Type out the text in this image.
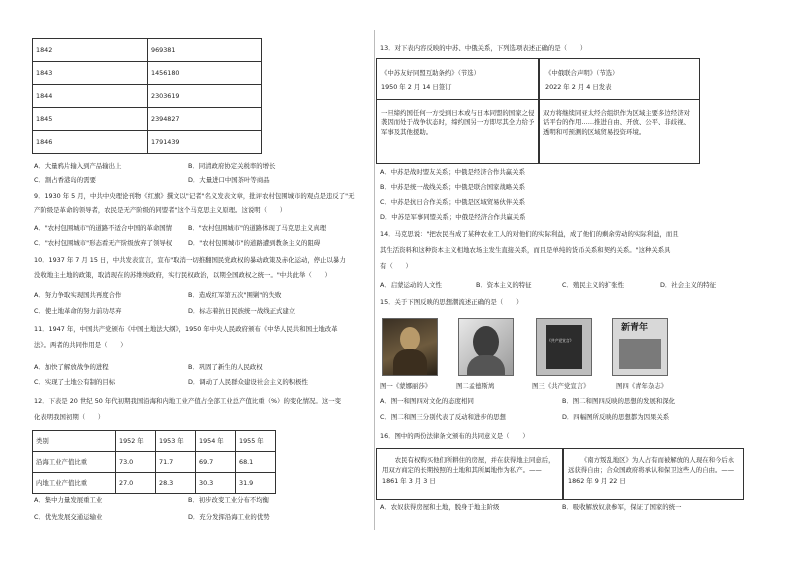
1842	969381
1843	1456180
1844	2303619
1845	2394827
1846	1791439
A．大量鸦片输入到产品输出上	B．同清政府协定关税率的增长
C．割占香港岛的需要	D．大量进口中国茶叶等商品
9．1930 年 5 月，中共中央理论刊物《红旗》撰文以"记者"名义发表文章，批评农村包围城市的观点是违反了"无
产阶级是革命的领导者，农民是无产阶级的同盟者"这个马克思主义原理。这说明（　　）
A．"农村包围城市"的道路不适合中国的革命国情 B．"农村包围城市"的道路体现了马克思主义真理
C．"农村包围城市"形态看无产阶级放弃了领导权 D．"农村包围城市"的道路遭到教条主义的阻碍
10．1937 年 7 月 15 日，中共发表宣言，宣布"取消一切推翻国民党政权的暴动政策及赤化运动，停止以暴力
没收地主土地的政策，取消现在的苏维埃政府，实行民权政治，以期全国政权之统一。"中共此举（　　）
A．努力争取实现国共再度合作	B．造成红军第五次"围剿"的失败
C．使土地革命的努力前功尽弃	D．标志着抗日民族统一战线正式建立
11．1947 年，中国共产党颁布《中国土地法大纲》，1950 年中央人民政府颁布《中华人民共和国土地改革
法》。两者的共同作用是（　　）
A．加快了解放战争的进程	B．巩固了新生的人民政权
C．实现了土地公有制的目标	D．调动了人民群众建设社会主义的积极性
12．下表是 20 世纪 50 年代初期我国沿海和内地工业产值占全部工业总产值比重（%）的变化情况。这一变
化表明我国初期（　　）
类别	1952 年	1953 年	1954 年	1955 年
沿海工业产值比重	73.0	71.7	69.7	68.1
内地工业产值比重	27.0	28.3	30.3	31.9
A．集中力量发展重工业	B．初步改变工业分布不均衡
C．优先发展交通运输业	D．充分发挥沿海工业的优势
13．对下表内容反映的中苏、中俄关系，下列选项表述正确的是（　　）
《中苏友好同盟互助条约》（节选）
1950 年 2 月 14 日签订
一旦缔约国任何一方受到日本或与日本同盟的国家之侵袭因而处于战争状态时，缔约国另一方即尽其全力给予军事及其他援助。
《中俄联合声明》（节选）
2022 年 2 月 4 日发表
双方将继续同亚太经合组织作为区域主要多边经济对话平台的作用……推进自由、开放、公平、非歧视、透明和可预测的区域贸易投资环境。
A．中苏是战时盟友关系；中俄是经济合作共赢关系
B．中苏是统一战线关系；中俄是联合国家战略关系
C．中苏是抗日合作关系；中俄是区域贸易伙伴关系
D．中苏是军事同盟关系；中俄是经济合作共赢关系
14．马克思说："把农民当成了某种农业工人的对他们的实际利益，成了他们的剩余劳动的实际利益，而且
其生活资料和这种资本主义相地农场主发生直接关系，而且是单纯的货币关系和契约关系。"这种关系具
有（　　）
A．启蒙运动的人文性	B．资本主义的特征	C．殖民主义的扩张性	D．社会主义的特征
15．关于下图反映的思想潮流述正确的是（　　）
《共产党宣言》
新青年
图一《蒙娜丽莎》	图二孟德斯鸠	图三《共产党宣言》	图四《青年杂志》
A．图一和图四对文化的态度相同	B．图二和图四反映的思想的发展和深化
C．图二和图三分别代表了反动和进步的思想	D．四幅图所反映的思想都为因果关系
16．图中的两份法律条文颁布的共同意义是（　　）
农民有权购买他们所耕住的房屋，并在获得地主同意后，用双方商定的长期按照的土地和其所属地作为私产。——1861 年 3 月 3 日
《南方叛乱地区》为人占有而被解放的人现在和今后永远获得自由；合众国政府将承认和保卫这些人的自由。——1862 年 9 月 22 日
A．农奴获得房屋和土地，脱身于地主阶级	B．吸收解放奴隶参军，保证了国家的统一
